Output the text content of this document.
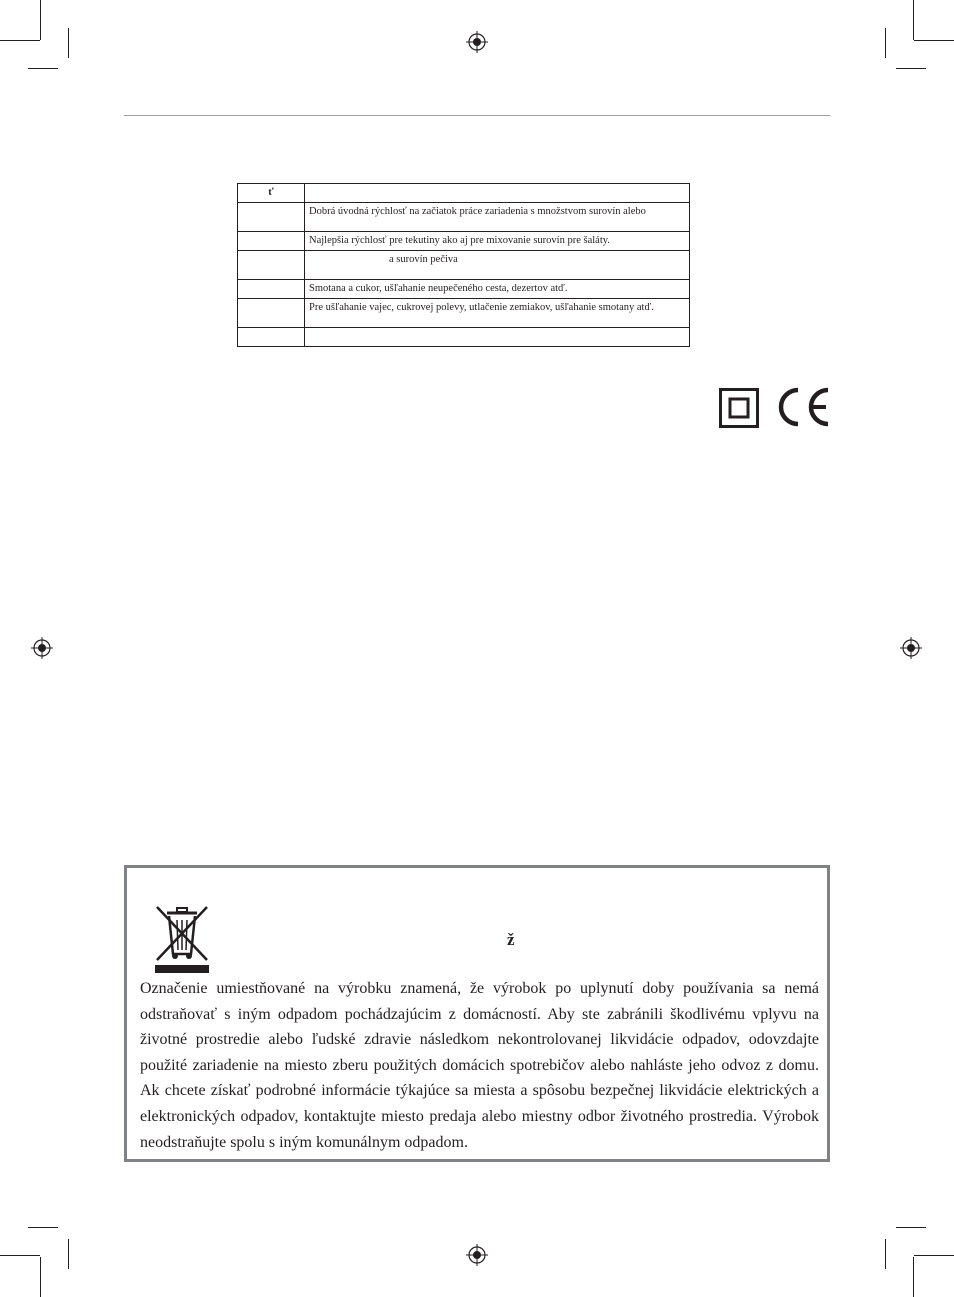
ť	
	Dobrá úvodná rýchlosť na začiatok práce zariadenia s množstvom surovín alebo
	Najlepšia rýchlosť pre tekutiny ako aj pre mixovanie surovín pre šaláty.
	a surovín pečiva
	Smotana a cukor, ušľahanie neupečeného cesta, dezertov atď.
	Pre ušľahanie vajec, cukrovej polevy, utlačenie zemiakov, ušľahanie smotany atď.

ž
Označenie umiestňované na výrobku znamená, že výrobok po uplynutí doby používania sa nemá odstraňovať s iným odpadom pochádzajúcim z domácností. Aby ste zabránili škodlivému vplyvu na životné prostredie alebo ľudské zdravie následkom nekontrolovanej likvidácie odpadov, odovzdajte použité zariadenie na miesto zberu použitých domácich spotrebičov alebo nahláste jeho odvoz z domu. Ak chcete získať podrobné informácie týkajúce sa miesta a spôsobu bezpečnej likvidácie elektrických a elektronických odpadov, kontaktujte miesto predaja alebo miestny odbor životného prostredia. Výrobok neodstraňujte spolu s iným komunálnym odpadom.
